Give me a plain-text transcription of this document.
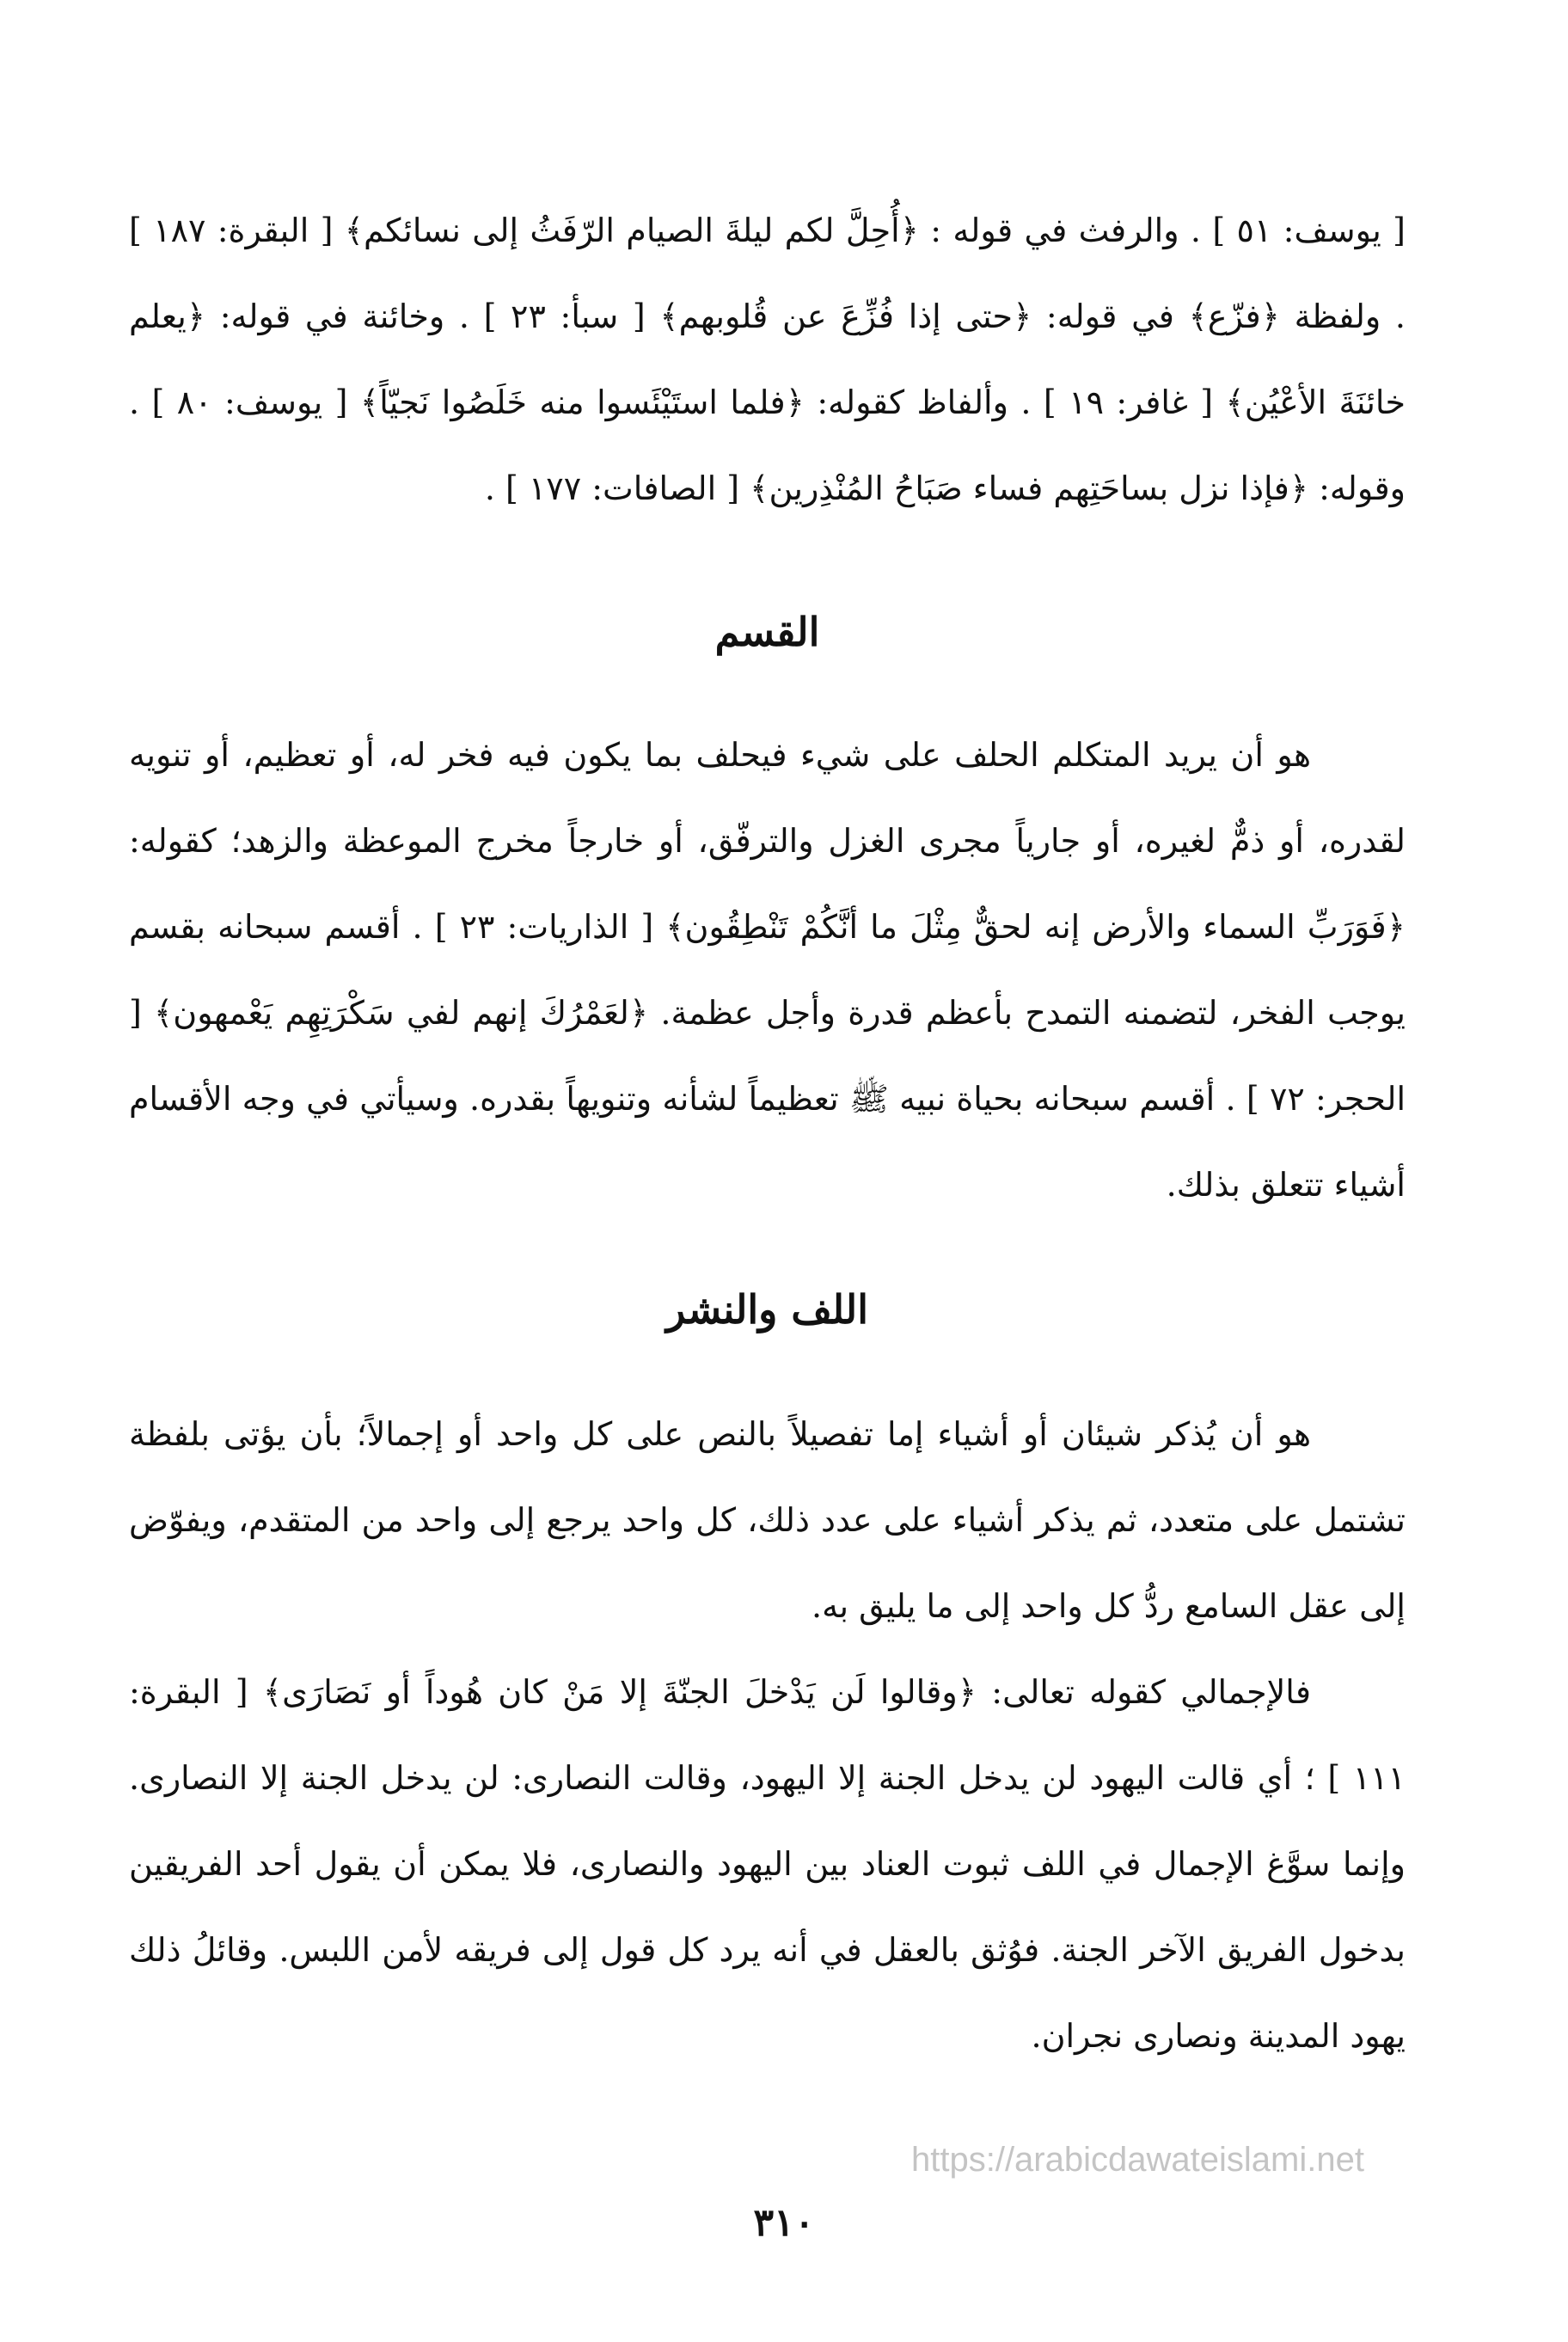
[ يوسف: ٥١ ] . والرفث في قوله : ﴿أُحِلَّ لكم ليلةَ الصيام الرّفَثُ إلى نسائكم﴾ [ البقرة: ١٨٧ ] . ولفظة ﴿فزّع﴾ في قوله: ﴿حتى إذا فُزِّعَ عن قُلوبهم﴾ [ سبأ: ٢٣ ] . وخائنة في قوله: ﴿يعلم خائنَةَ الأعْيُن﴾ [ غافر: ١٩ ] . وألفاظ كقوله: ﴿فلما استَيْئَسوا منه خَلَصُوا نَجيّاً﴾ [ يوسف: ٨٠ ] . وقوله: ﴿فإذا نزل بساحَتِهم فساء صَبَاحُ المُنْذِرين﴾ [ الصافات: ١٧٧ ] .

القسم

هو أن يريد المتكلم الحلف على شيء فيحلف بما يكون فيه فخر له، أو تعظيم، أو تنويه لقدره، أو ذمٌّ لغيره، أو جارياً مجرى الغزل والترفّق، أو خارجاً مخرج الموعظة والزهد؛ كقوله: ﴿فَوَرَبِّ السماء والأرض إنه لحقٌّ مِثْلَ ما أنَّكُمْ تَنْطِقُون﴾ [ الذاريات: ٢٣ ] . أقسم سبحانه بقسم يوجب الفخر، لتضمنه التمدح بأعظم قدرة وأجل عظمة. ﴿لعَمْرُكَ إنهم لفي سَكْرَتِهِم يَعْمهون﴾ [ الحجر: ٧٢ ] . أقسم سبحانه بحياة نبيه ﷺ تعظيماً لشأنه وتنويهاً بقدره. وسيأتي في وجه الأقسام أشياء تتعلق بذلك.

اللف والنشر

هو أن يُذكر شيئان أو أشياء إما تفصيلاً بالنص على كل واحد أو إجمالاً؛ بأن يؤتى بلفظة تشتمل على متعدد، ثم يذكر أشياء على عدد ذلك، كل واحد يرجع إلى واحد من المتقدم، ويفوّض إلى عقل السامع ردُّ كل واحد إلى ما يليق به.

فالإجمالي كقوله تعالى: ﴿وقالوا لَن يَدْخلَ الجنّةَ إلا مَنْ كان هُوداً أو نَصَارَى﴾ [ البقرة: ١١١ ] ؛ أي قالت اليهود لن يدخل الجنة إلا اليهود، وقالت النصارى: لن يدخل الجنة إلا النصارى. وإنما سوَّغ الإجمال في اللف ثبوت العناد بين اليهود والنصارى، فلا يمكن أن يقول أحد الفريقين بدخول الفريق الآخر الجنة. فوُثق بالعقل في أنه يرد كل قول إلى فريقه لأمن اللبس. وقائلُ ذلك يهود المدينة ونصارى نجران.

https://arabicdawateislami.net
٣١٠
